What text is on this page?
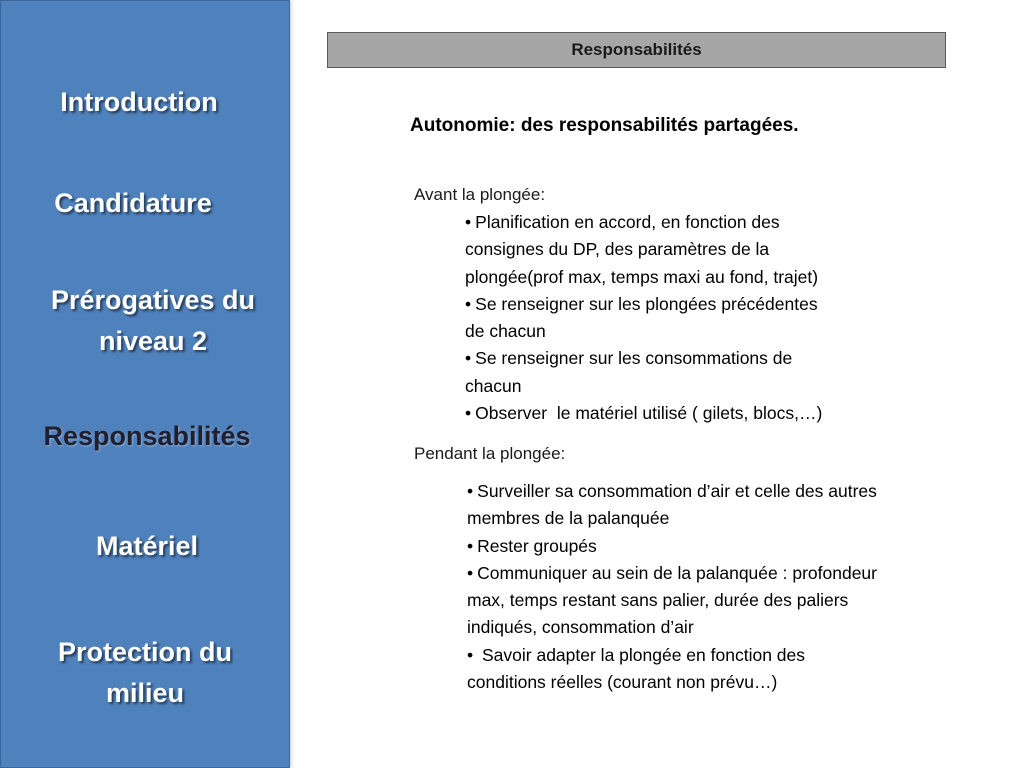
Introduction
Candidature
Prérogatives du
niveau 2
Responsabilités
Matériel
Protection du
milieu
Responsabilités
Autonomie: des responsabilités partagées.
Avant la plongée:
• Planification en accord, en fonction des
consignes du DP, des paramètres de la
plongée(prof max, temps maxi au fond, trajet)
• Se renseigner sur les plongées précédentes
de chacun
• Se renseigner sur les consommations de
chacun
• Observer  le matériel utilisé ( gilets, blocs,…)
Pendant la plongée:
• Surveiller sa consommation d’air et celle des autres
membres de la palanquée
• Rester groupés
• Communiquer au sein de la palanquée : profondeur
max, temps restant sans palier, durée des paliers
indiqués, consommation d’air
• Savoir adapter la plongée en fonction des
conditions réelles (courant non prévu…)
